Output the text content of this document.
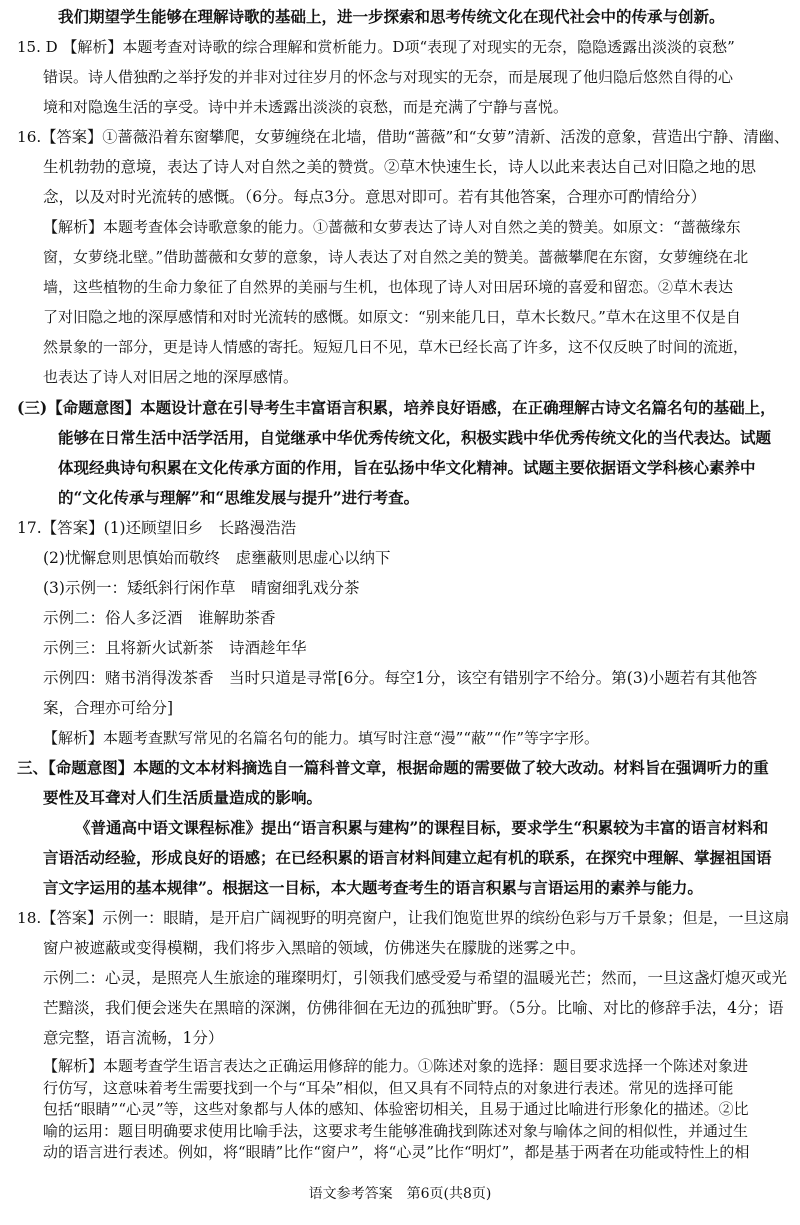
我们期望学生能够在理解诗歌的基础上，进一步探索和思考传统文化在现代社会中的传承与创新。
15. D 【解析】本题考查对诗歌的综合理解和赏析能力。D项“表现了对现实的无奈，隐隐透露出淡淡的哀愁”
错误。诗人借独酌之举抒发的并非对过往岁月的怀念与对现实的无奈，而是展现了他归隐后悠然自得的心
境和对隐逸生活的享受。诗中并未透露出淡淡的哀愁，而是充满了宁静与喜悦。
16.【答案】①蔷薇沿着东窗攀爬，女萝缠绕在北墙，借助“蔷薇”和“女萝”清新、活泼的意象，营造出宁静、清幽、
生机勃勃的意境，表达了诗人对自然之美的赞赏。②草木快速生长，诗人以此来表达自己对旧隐之地的思
念，以及对时光流转的感慨。（6分。每点3分。意思对即可。若有其他答案，合理亦可酌情给分）
【解析】本题考查体会诗歌意象的能力。①蔷薇和女萝表达了诗人对自然之美的赞美。如原文：“蔷薇缘东
窗，女萝绕北壁。”借助蔷薇和女萝的意象，诗人表达了对自然之美的赞美。蔷薇攀爬在东窗，女萝缠绕在北
墙，这些植物的生命力象征了自然界的美丽与生机，也体现了诗人对田居环境的喜爱和留恋。②草木表达
了对旧隐之地的深厚感情和对时光流转的感慨。如原文：“别来能几日，草木长数尺。”草木在这里不仅是自
然景象的一部分，更是诗人情感的寄托。短短几日不见，草木已经长高了许多，这不仅反映了时间的流逝，
也表达了诗人对旧居之地的深厚感情。
(三)【命题意图】本题设计意在引导考生丰富语言积累，培养良好语感，在正确理解古诗文名篇名句的基础上，
能够在日常生活中活学活用，自觉继承中华优秀传统文化，积极实践中华优秀传统文化的当代表达。试题
体现经典诗句积累在文化传承方面的作用，旨在弘扬中华文化精神。试题主要依据语文学科核心素养中
的“文化传承与理解”和“思维发展与提升”进行考查。
17.【答案】(1)还顾望旧乡　长路漫浩浩
(2)忧懈怠则思慎始而敬终　虑壅蔽则思虚心以纳下
(3)示例一：矮纸斜行闲作草　晴窗细乳戏分茶
示例二：俗人多泛酒　谁解助茶香
示例三：且将新火试新茶　诗酒趁年华
示例四：赌书消得泼茶香　当时只道是寻常[6分。每空1分，该空有错别字不给分。第(3)小题若有其他答
案，合理亦可给分]
【解析】本题考查默写常见的名篇名句的能力。填写时注意“漫”“蔽”“作”等字字形。
三、【命题意图】本题的文本材料摘选自一篇科普文章，根据命题的需要做了较大改动。材料旨在强调听力的重
要性及耳聋对人们生活质量造成的影响。
《普通高中语文课程标准》提出“语言积累与建构”的课程目标，要求学生“积累较为丰富的语言材料和
言语活动经验，形成良好的语感；在已经积累的语言材料间建立起有机的联系，在探究中理解、掌握祖国语
言文字运用的基本规律”。根据这一目标，本大题考查考生的语言积累与言语运用的素养与能力。
18.【答案】示例一：眼睛，是开启广阔视野的明亮窗户，让我们饱览世界的缤纷色彩与万千景象；但是，一旦这扇
窗户被遮蔽或变得模糊，我们将步入黑暗的领域，仿佛迷失在朦胧的迷雾之中。
示例二：心灵，是照亮人生旅途的璀璨明灯，引领我们感受爱与希望的温暖光芒；然而，一旦这盏灯熄灭或光
芒黯淡，我们便会迷失在黑暗的深渊，仿佛徘徊在无边的孤独旷野。（5分。比喻、对比的修辞手法，4分；语
意完整，语言流畅，1分）
【解析】本题考查学生语言表达之正确运用修辞的能力。①陈述对象的选择：题目要求选择一个陈述对象进
行仿写，这意味着考生需要找到一个与“耳朵”相似，但又具有不同特点的对象进行表述。常见的选择可能
包括“眼睛”“心灵”等，这些对象都与人体的感知、体验密切相关，且易于通过比喻进行形象化的描述。②比
喻的运用：题目明确要求使用比喻手法，这要求考生能够准确找到陈述对象与喻体之间的相似性，并通过生
动的语言进行表述。例如，将“眼睛”比作“窗户”，将“心灵”比作“明灯”，都是基于两者在功能或特性上的相
语文参考答案　第6页(共8页)
